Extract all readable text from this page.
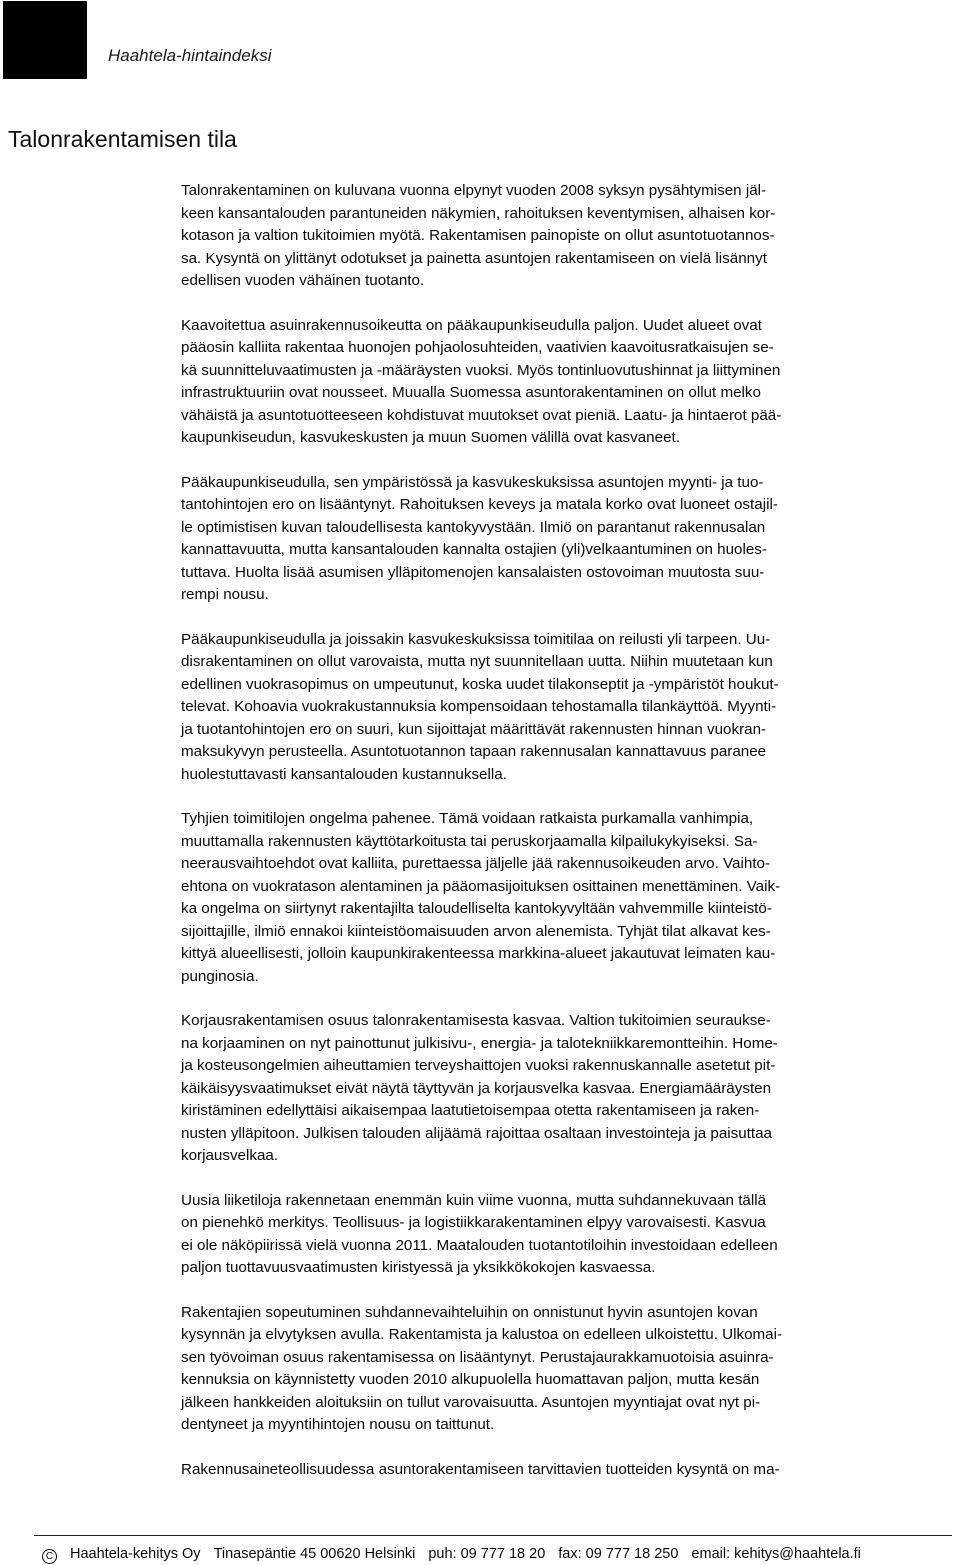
Haahtela-hintaindeksi
Talonrakentamisen tila

Talonrakentaminen on kuluvana vuonna elpynyt vuoden 2008 syksyn pysähtymisen jäl-
keen kansantalouden parantuneiden näkymien, rahoituksen keventymisen, alhaisen kor-
kotason ja valtion tukitoimien myötä. Rakentamisen painopiste on ollut asuntotuotannos-
sa. Kysyntä on ylittänyt odotukset ja painetta asuntojen rakentamiseen on vielä lisännyt
edellisen vuoden vähäinen tuotanto.

Kaavoitettua asuinrakennusoikeutta on pääkaupunkiseudulla paljon. Uudet alueet ovat
pääosin kalliita rakentaa huonojen pohjaolosuhteiden, vaativien kaavoitusratkaisujen se-
kä suunnitteluvaatimusten ja -määräysten vuoksi. Myös tontinluovutushinnat ja liittyminen
infrastruktuuriin ovat nousseet. Muualla Suomessa asuntorakentaminen on ollut melko
vähäistä ja asuntotuotteeseen kohdistuvat muutokset ovat pieniä. Laatu- ja hintaerot pää-
kaupunkiseudun, kasvukeskusten ja muun Suomen välillä ovat kasvaneet.

Pääkaupunkiseudulla, sen ympäristössä ja kasvukeskuksissa asuntojen myynti- ja tuo-
tantohintojen ero on lisääntynyt. Rahoituksen keveys ja matala korko ovat luoneet ostajil-
le optimistisen kuvan taloudellisesta kantokyvystään. Ilmiö on parantanut rakennusalan
kannattavuutta, mutta kansantalouden kannalta ostajien (yli)velkaantuminen on huoles-
tuttava. Huolta lisää asumisen ylläpitomenojen kansalaisten ostovoiman muutosta suu-
rempi nousu.

Pääkaupunkiseudulla ja joissakin kasvukeskuksissa toimitilaa on reilusti yli tarpeen. Uu-
disrakentaminen on ollut varovaista, mutta nyt suunnitellaan uutta. Niihin muutetaan kun
edellinen vuokrasopimus on umpeutunut, koska uudet tilakonseptit ja -ympäristöt houkut-
televat. Kohoavia vuokrakustannuksia kompensoidaan tehostamalla tilankäyttöä. Myynti-
ja tuotantohintojen ero on suuri, kun sijoittajat määrittävät rakennusten hinnan vuokran-
maksukyvyn perusteella. Asuntotuotannon tapaan rakennusalan kannattavuus paranee
huolestuttavasti kansantalouden kustannuksella.

Tyhjien toimitilojen ongelma pahenee. Tämä voidaan ratkaista purkamalla vanhimpia,
muuttamalla rakennusten käyttötarkoitusta tai peruskorjaamalla kilpailukykyiseksi. Sa-
neerausvaihtoehdot ovat kalliita, purettaessa jäljelle jää rakennusoikeuden arvo. Vaihto-
ehtona on vuokratason alentaminen ja pääomasijoituksen osittainen menettäminen. Vaik-
ka ongelma on siirtynyt rakentajilta taloudelliselta kantokyvyltään vahvemmille kiinteistö-
sijoittajille, ilmiö ennakoi kiinteistöomaisuuden arvon alenemista. Tyhjät tilat alkavat kes-
kittyä alueellisesti, jolloin kaupunkirakenteessa markkina-alueet jakautuvat leimaten kau-
punginosia.

Korjausrakentamisen osuus talonrakentamisesta kasvaa. Valtion tukitoimien seuraukse-
na korjaaminen on nyt painottunut julkisivu-, energia- ja talotekniikkaremontteihin. Home-
ja kosteusongelmien aiheuttamien terveyshaittojen vuoksi rakennuskannalle asetetut pit-
käikäisyysvaatimukset eivät näytä täyttyvän ja korjausvelka kasvaa. Energiamääräysten
kiristäminen edellyttäisi aikaisempaa laatutietoisempaa otetta rakentamiseen ja raken-
nusten ylläpitoon. Julkisen talouden alijäämä rajoittaa osaltaan investointeja ja paisuttaa
korjausvelkaa.

Uusia liiketiloja rakennetaan enemmän kuin viime vuonna, mutta suhdannekuvaan tällä
on pienehkö merkitys. Teollisuus- ja logistiikkarakentaminen elpyy varovaisesti. Kasvua
ei ole näköpiirissä vielä vuonna 2011. Maatalouden tuotantotiloihin investoidaan edelleen
paljon tuottavuusvaatimusten kiristyessä ja yksikkökokojen kasvaessa.

Rakentajien sopeutuminen suhdannevaihteluihin on onnistunut hyvin asuntojen kovan
kysynnän ja elvytyksen avulla. Rakentamista ja kalustoa on edelleen ulkoistettu. Ulkomai-
sen työvoiman osuus rakentamisessa on lisääntynyt. Perustajaurakkamuotoisia asuinra-
kennuksia on käynnistetty vuoden 2010 alkupuolella huomattavan paljon, mutta kesän
jälkeen hankkeiden aloituksiin on tullut varovaisuutta. Asuntojen myyntiajat ovat nyt pi-
dentyneet ja myyntihintojen nousu on taittunut.

Rakennusaineteollisuudessa asuntorakentamiseen tarvittavien tuotteiden kysyntä on ma-

C Haahtela-kehitys Oy Tinasepäntie 45 00620 Helsinki puh: 09 777 18 20 fax: 09 777 18 250 email: kehitys@haahtela.fi
